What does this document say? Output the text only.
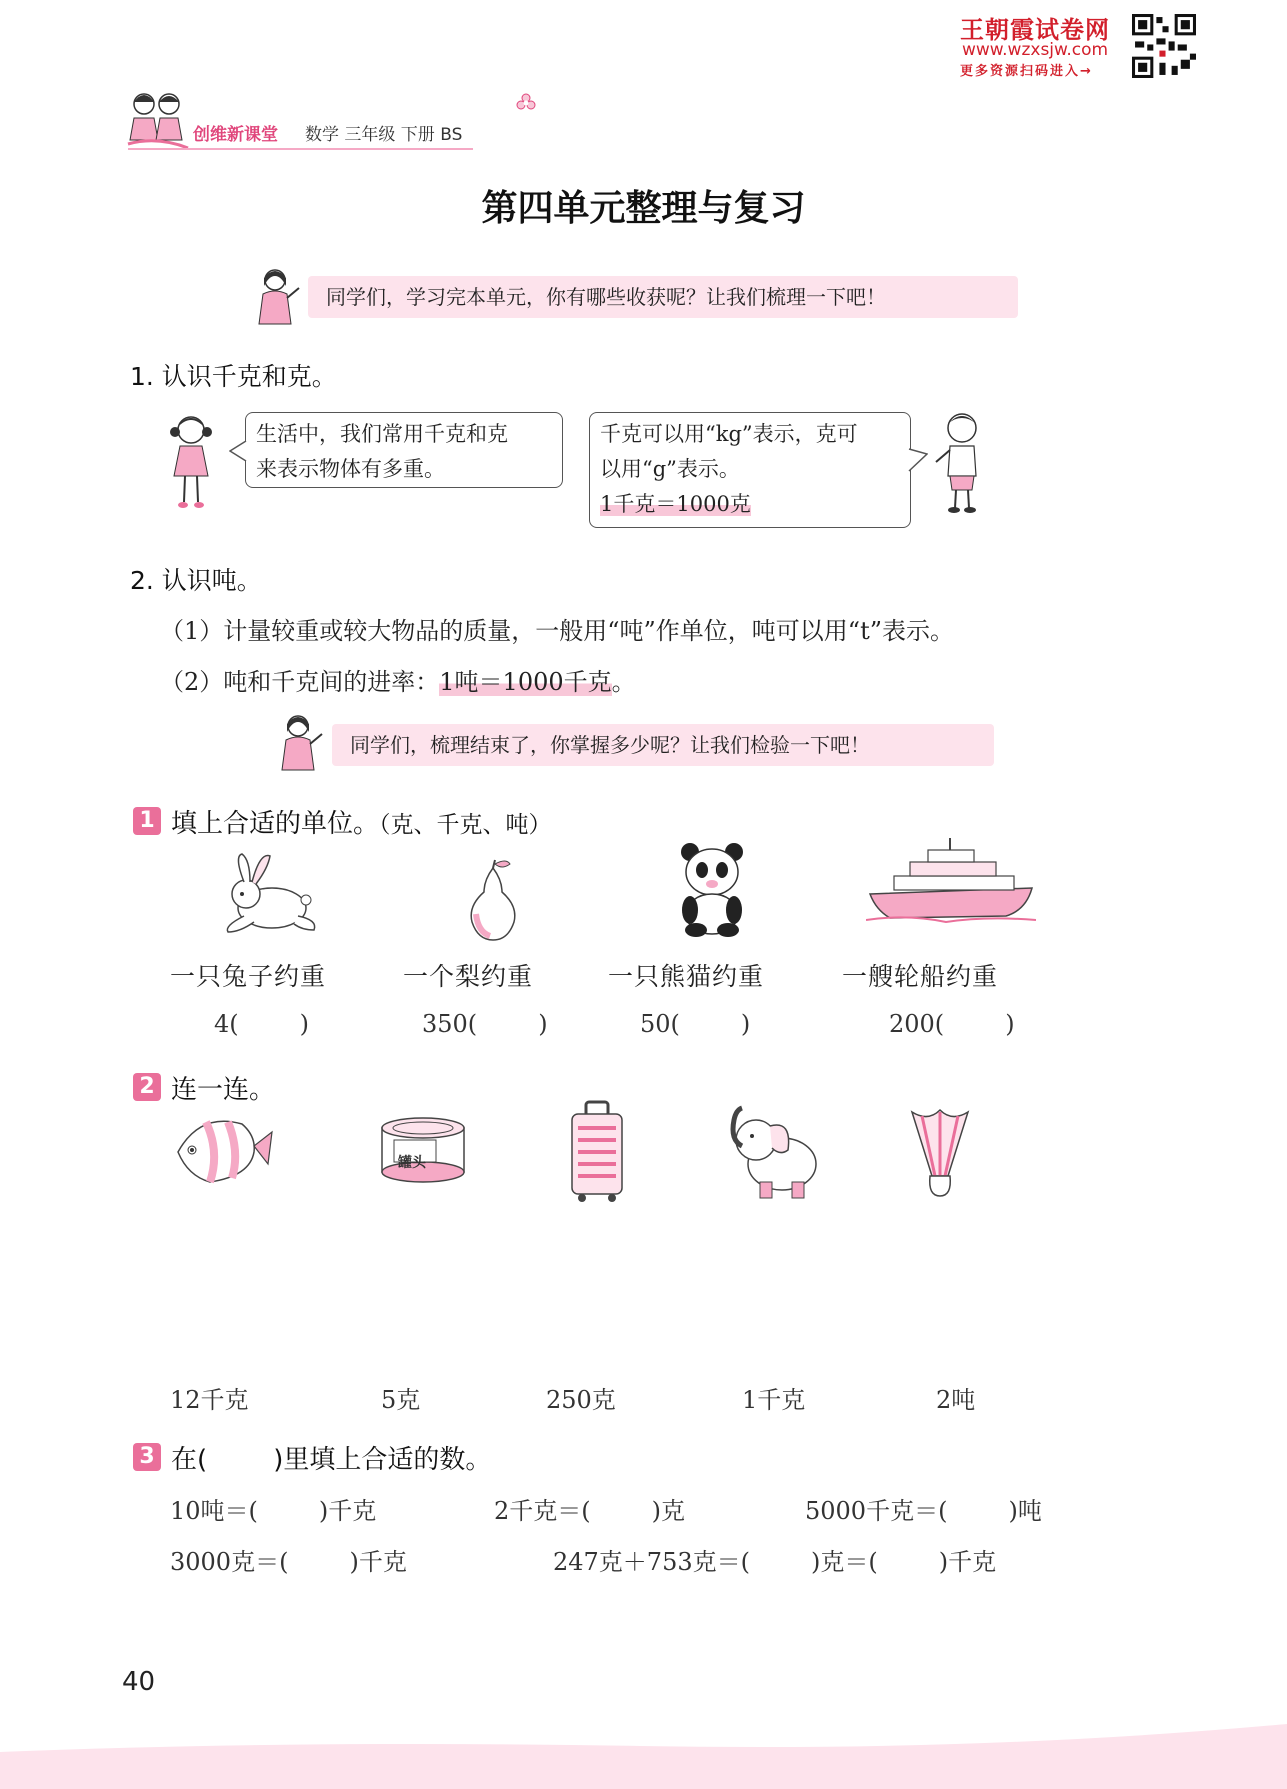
王朝霞试卷网
www.wzxsjw.com
更多资源扫码进入→
创维新课堂 数学 三年级 下册 BS
第四单元整理与复习
同学们，学习完本单元，你有哪些收获呢？让我们梳理一下吧！
1. 认识千克和克。
生活中，我们常用千克和克
来表示物体有多重。
千克可以用“kg”表示，克可
以用“g”表示。
1千克＝1000克
2. 认识吨。
（1）计量较重或较大物品的质量，一般用“吨”作单位，吨可以用“t”表示。
（2）吨和千克间的进率：1吨＝1000千克。
同学们，梳理结束了，你掌握多少呢？让我们检验一下吧！
1 填上合适的单位。（克、千克、吨）
一只兔子约重	一个梨约重	一只熊猫约重	一艘轮船约重
4(        )	350(        )	50(        )	200(        )
2 连一连。
罐头
12千克	5克	250克	1千克	2吨
3 在(        )里填上合适的数。
10吨＝(        )千克	2千克＝(        )克	5000千克＝(        )吨
3000克＝(        )千克	247克＋753克＝(        )克＝(        )千克
40
